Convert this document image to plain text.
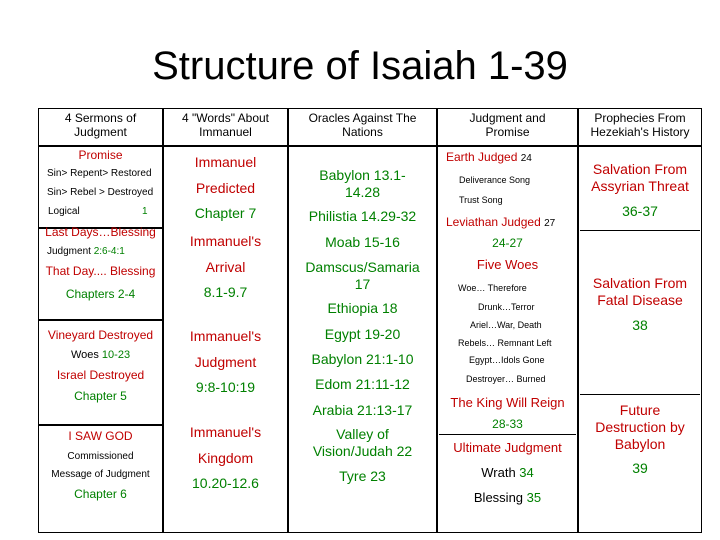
Structure of Isaiah 1-39
4 Sermons of Judgment
4 "Words" About Immanuel
Oracles Against The Nations
Judgment and Promise
Prophecies From Hezekiah's History
Promise
Sin> Repent> Restored
Sin> Rebel > Destroyed
Logical	1
Last Days…Blessing
Judgment 2:6-4:1
That Day.... Blessing
Chapters 2-4
Vineyard Destroyed
Woes 10-23
Israel Destroyed
Chapter 5
I SAW GOD
Commissioned
Message of Judgment
Chapter 6
Immanuel
Predicted
Chapter 7
Immanuel's
Arrival
8.1-9.7
Immanuel's
Judgment
9:8-10:19
Immanuel's
Kingdom
10.20-12.6
Babylon 13.1-
14.28
Philistia 14.29-32
Moab 15-16
Damscus/Samaria
17
Ethiopia 18
Egypt 19-20
Babylon 21:1-10
Edom 21:11-12
Arabia 21:13-17
Valley of
Vision/Judah 22
Tyre 23
Earth Judged 24
Deliverance Song
Trust Song
Leviathan Judged 27
24-27
Five Woes
Woe… Therefore
Drunk…Terror
Ariel…War, Death
Rebels… Remnant Left
Egypt…Idols Gone
Destroyer… Burned
The King Will Reign
28-33
Ultimate Judgment
Wrath 34
Blessing 35
Salvation From
Assyrian Threat
36-37
Salvation From
Fatal Disease
38
Future
Destruction by
Babylon
39
